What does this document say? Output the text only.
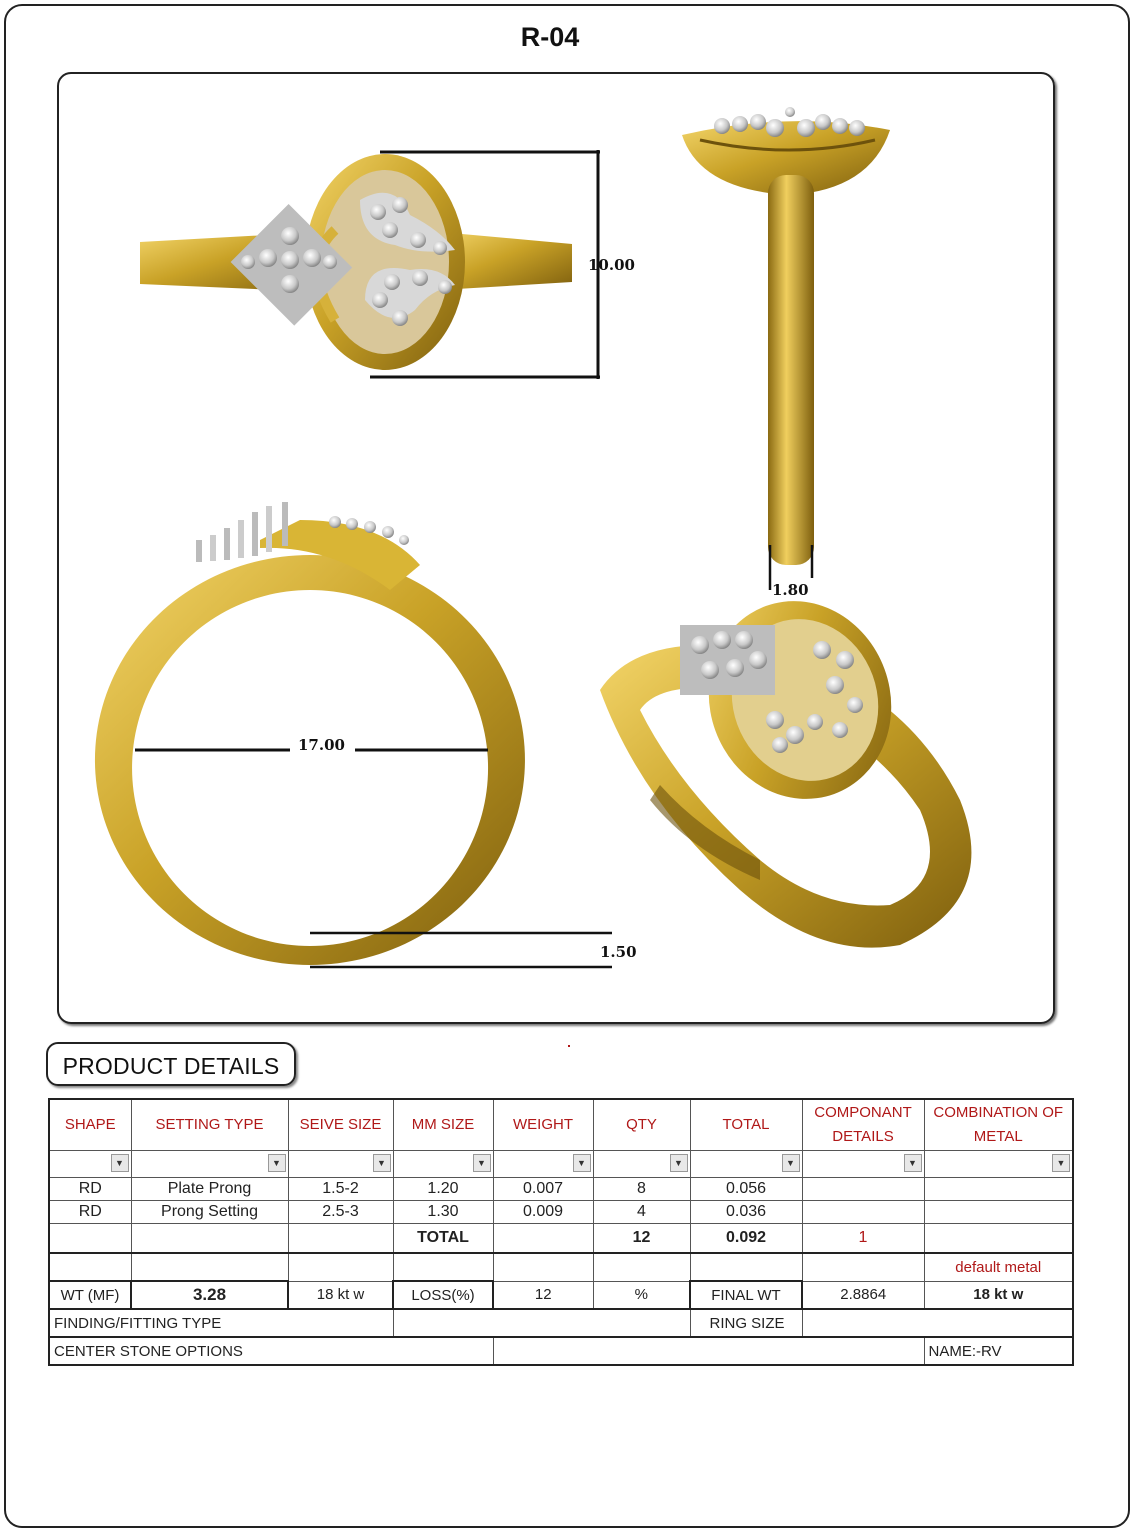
R-04
10.00
1.80
17.00
1.50
PRODUCT DETAILS
SHAPE	SETTING TYPE	SEIVE SIZE	MM SIZE	WEIGHT	QTY	TOTAL	COMPONANT DETAILS	COMBINATION OF METAL

▼	▼	▼	▼	▼	▼	▼	▼	▼

RD	Plate Prong	1.5-2	1.20	0.007	8	0.056		
RD	Prong Setting	2.5-3	1.30	0.009	4	0.036		
			TOTAL		12	0.092	1	
								default metal
WT (MF)	3.28	18 kt w	LOSS(%)	12	%	FINAL WT	2.8864	18 kt w
FINDING/FITTING TYPE						RING SIZE		
CENTER STONE OPTIONS								NAME:-RV
